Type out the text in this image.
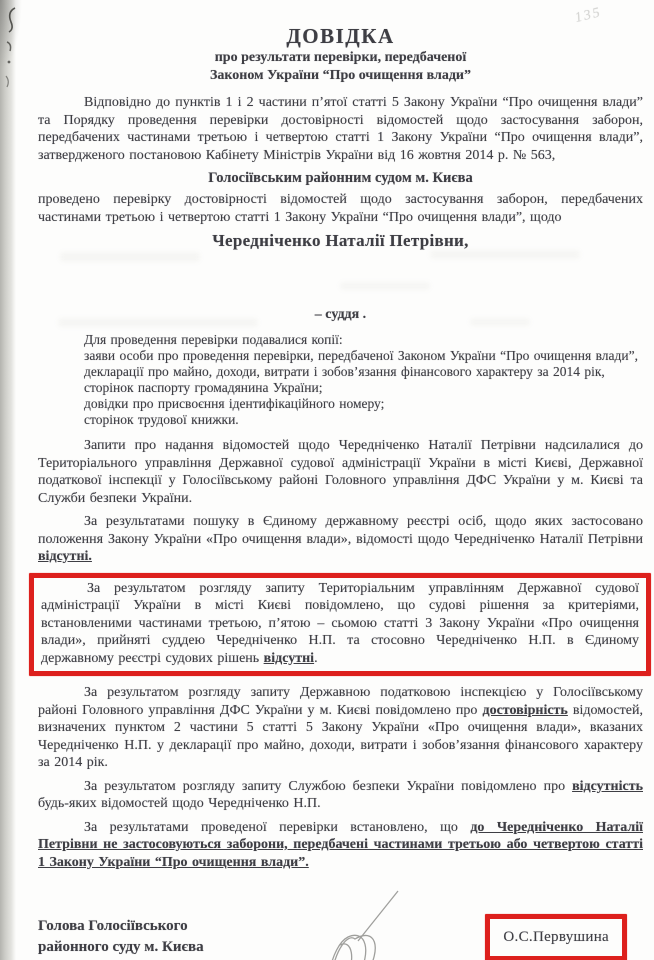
135
ДОВІДКА

про результати перевірки, передбаченої

Законом України “Про очищення влади”

Відповідно до пунктів 1 і 2 частини п’ятої статті 5 Закону України “Про очищення влади” та Порядку проведення перевірки достовірності відомостей щодо застосування заборон, передбачених частинами третьою і четвертою статті 1 Закону України “Про очищення влади”, затвердженого постановою Кабінету Міністрів України від 16 жовтня 2014 р. № 563,

Голосіївським районним судом м. Києва

проведено перевірку достовірності відомостей щодо застосування заборон, передбачених частинами третьою і четвертою статті 1 Закону України “Про очищення влади”, щодо

Чередніченко Наталії Петрівни,

– суддя .

Для проведення перевірки подавалися копії:

заяви особи про проведення перевірки, передбаченої Законом України “Про очищення влади”,

декларації про майно, доходи, витрати і зобов’язання фінансового характеру за 2014 рік,

сторінок паспорту громадянина України;

довідки про присвоєння ідентифікаційного номеру;

сторінок трудової книжки.

Запити про надання відомостей щодо Чередніченко Наталії Петрівни надсилалися до Територіального управління Державної судової адміністрації України в місті Києві, Державної податкової інспекції у Голосіївському районі Головного управління ДФС України у м. Києві та Служби безпеки України.

За результатами пошуку в Єдиному державному реєстрі осіб, щодо яких застосовано положення Закону України «Про очищення влади», відомості щодо Чередніченко Наталії Петрівни відсутні.

За результатом розгляду запиту Територіальним управлінням Державної судової адміністрації України в місті Києві повідомлено, що судові рішення за критеріями, встановленими частинами третьою, п’ятою – сьомою статті 3 Закону України «Про очищення влади», прийняті суддею Чередніченко Н.П. та стосовно Чередніченко Н.П. в Єдиному державному реєстрі судових рішень відсутні.

За результатом розгляду запиту Державною податковою інспекцією у Голосіївському районі Головного управління ДФС України у м. Києві повідомлено про достовірність відомостей, визначених пунктом 2 частини 5 статті 5 Закону України «Про очищення влади», вказаних Чередніченко Н.П. у декларації про майно, доходи, витрати і зобов’язання фінансового характеру за 2014 рік.

За результатом розгляду запиту Службою безпеки України повідомлено про відсутність будь-яких відомостей щодо Чередніченко Н.П.

За результатами проведеної перевірки встановлено, що до Чередніченко Наталії Петрівни не застосовуються заборони, передбачені частинами третьою або четвертою статті 1 Закону України “Про очищення влади”.

Голова Голосіївського

районного суду м. Києва

О.С.Первушина
